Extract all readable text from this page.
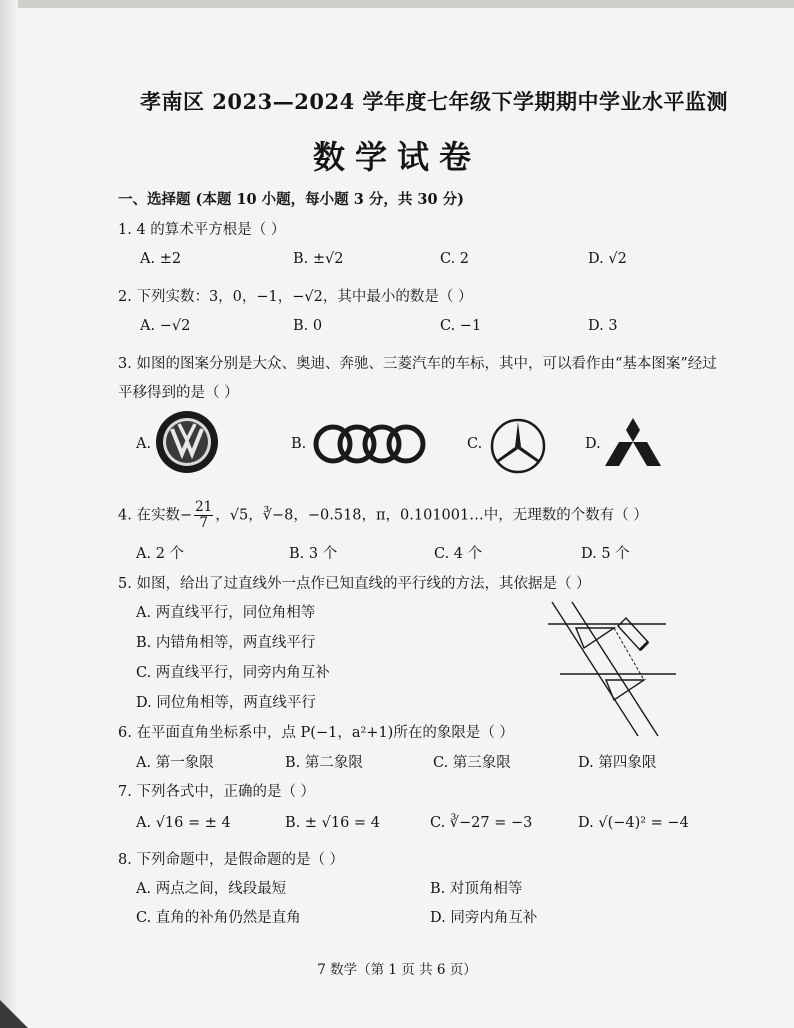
孝南区 2023—2024 学年度七年级下学期期中学业水平监测
数学试卷
一、选择题 (本题 10 小题，每小题 3 分，共 30 分)
1. 4 的算术平方根是（ ）
A. ±2	B. ±√2	C. 2	D. √2
2. 下列实数：3，0，−1，−√2，其中最小的数是（ ）
A. −√2	B. 0	C. −1	D. 3
3. 如图的图案分别是大众、奥迪、奔驰、三菱汽车的车标，其中，可以看作由“基本图案”经过
平移得到的是（ ）
A.	B.	C.	D.
4. 在实数− $\frac{21}{7}$ ，√5，∛−8，−0.518，π，0.101001…中，无理数的个数有（ ）
A. 2 个	B. 3 个	C. 4 个	D. 5 个
5. 如图，给出了过直线外一点作已知直线的平行线的方法，其依据是（ ）
A. 两直线平行，同位角相等
B. 内错角相等，两直线平行
C. 两直线平行，同旁内角互补
D. 同位角相等，两直线平行
6. 在平面直角坐标系中，点 P(−1，a²+1)所在的象限是（ ）
A. 第一象限	B. 第二象限	C. 第三象限	D. 第四象限
7. 下列各式中，正确的是（ ）
A. √16 = ± 4	B. ± √16 = 4	C. ∛−27 = −3	D. √(−4)² = −4
8. 下列命题中，是假命题的是（ ）
A. 两点之间，线段最短	B. 对顶角相等
C. 直角的补角仍然是直角	D. 同旁内角互补
7 数学（第 1 页 共 6 页）
